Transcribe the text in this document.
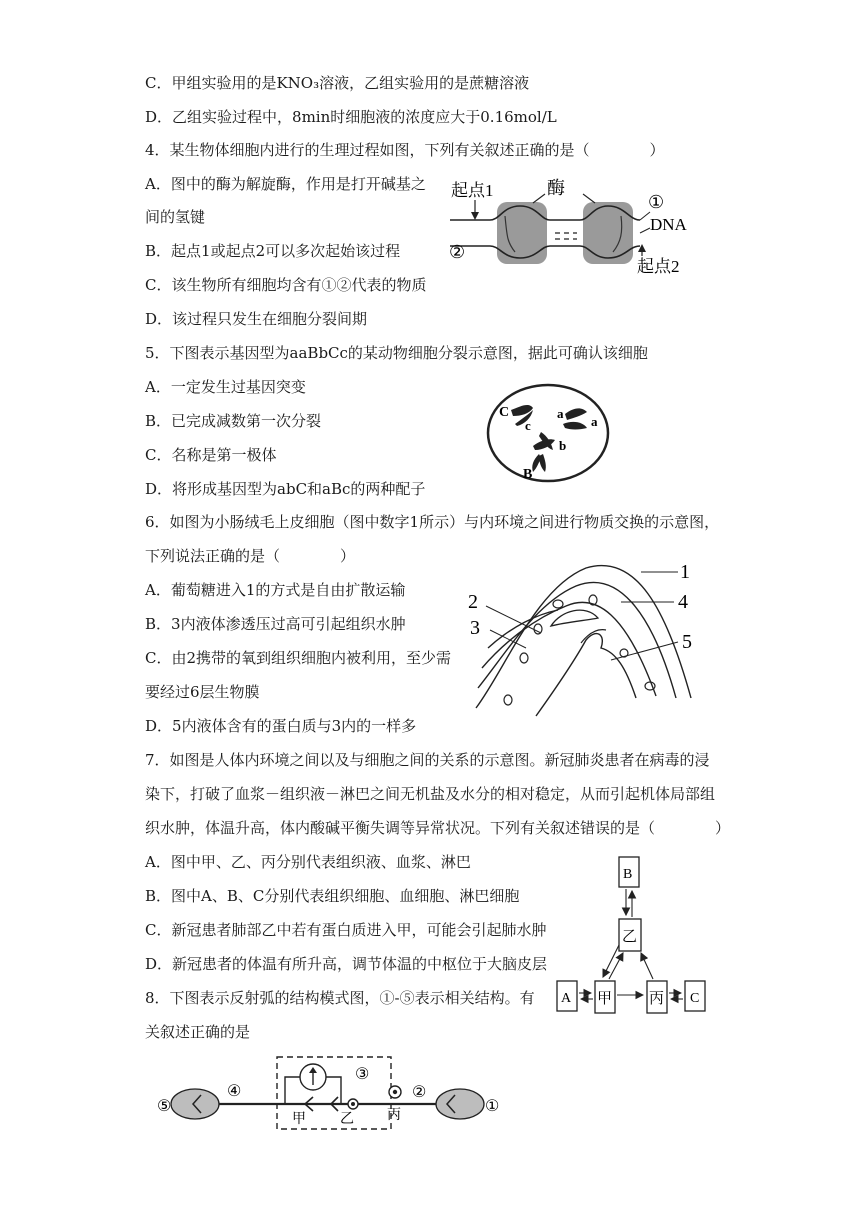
C．甲组实验用的是KNO₃溶液，乙组实验用的是蔗糖溶液
D．乙组实验过程中，8min时细胞液的浓度应大于0.16mol/L
4．某生物体细胞内进行的生理过程如图，下列有关叙述正确的是（　　　　）
A．图中的酶为解旋酶，作用是打开碱基之
间的氢键
B．起点1或起点2可以多次起始该过程
C．该生物所有细胞均含有①②代表的物质
D．该过程只发生在细胞分裂间期
起点1	酶
①
DNA
②
起点2
5．下图表示基因型为aaBbCc的某动物细胞分裂示意图，据此可确认该细胞
A．一定发生过基因突变
B．已完成减数第一次分裂
C．名称是第一极体
D．将形成基因型为abC和aBc的两种配子
C
c
a
a
b
B
6．如图为小肠绒毛上皮细胞（图中数字1所示）与内环境之间进行物质交换的示意图，
下列说法正确的是（　　　　）
A．葡萄糖进入1的方式是自由扩散运输
B．3内液体渗透压过高可引起组织水肿
C．由2携带的氧到组织细胞内被利用，至少需
要经过6层生物膜
D．5内液体含有的蛋白质与3内的一样多
1
4
5
2
3
7．如图是人体内环境之间以及与细胞之间的关系的示意图。新冠肺炎患者在病毒的浸
染下，打破了血浆－组织液－淋巴之间无机盐及水分的相对稳定，从而引起机体局部组
织水肿，体温升高，体内酸碱平衡失调等异常状况。下列有关叙述错误的是（　　　　）
A．图中甲、乙、丙分别代表组织液、血浆、淋巴
B．图中A、B、C分别代表组织细胞、血细胞、淋巴细胞
C．新冠患者肺部乙中若有蛋白质进入甲，可能会引起肺水肿
D．新冠患者的体温有所升高，调节体温的中枢位于大脑皮层
B
乙
A 甲 丙 C
8．下图表示反射弧的结构模式图，①-⑤表示相关结构。有
关叙述正确的是
⑤
④
③
②
①
甲 乙 丙
